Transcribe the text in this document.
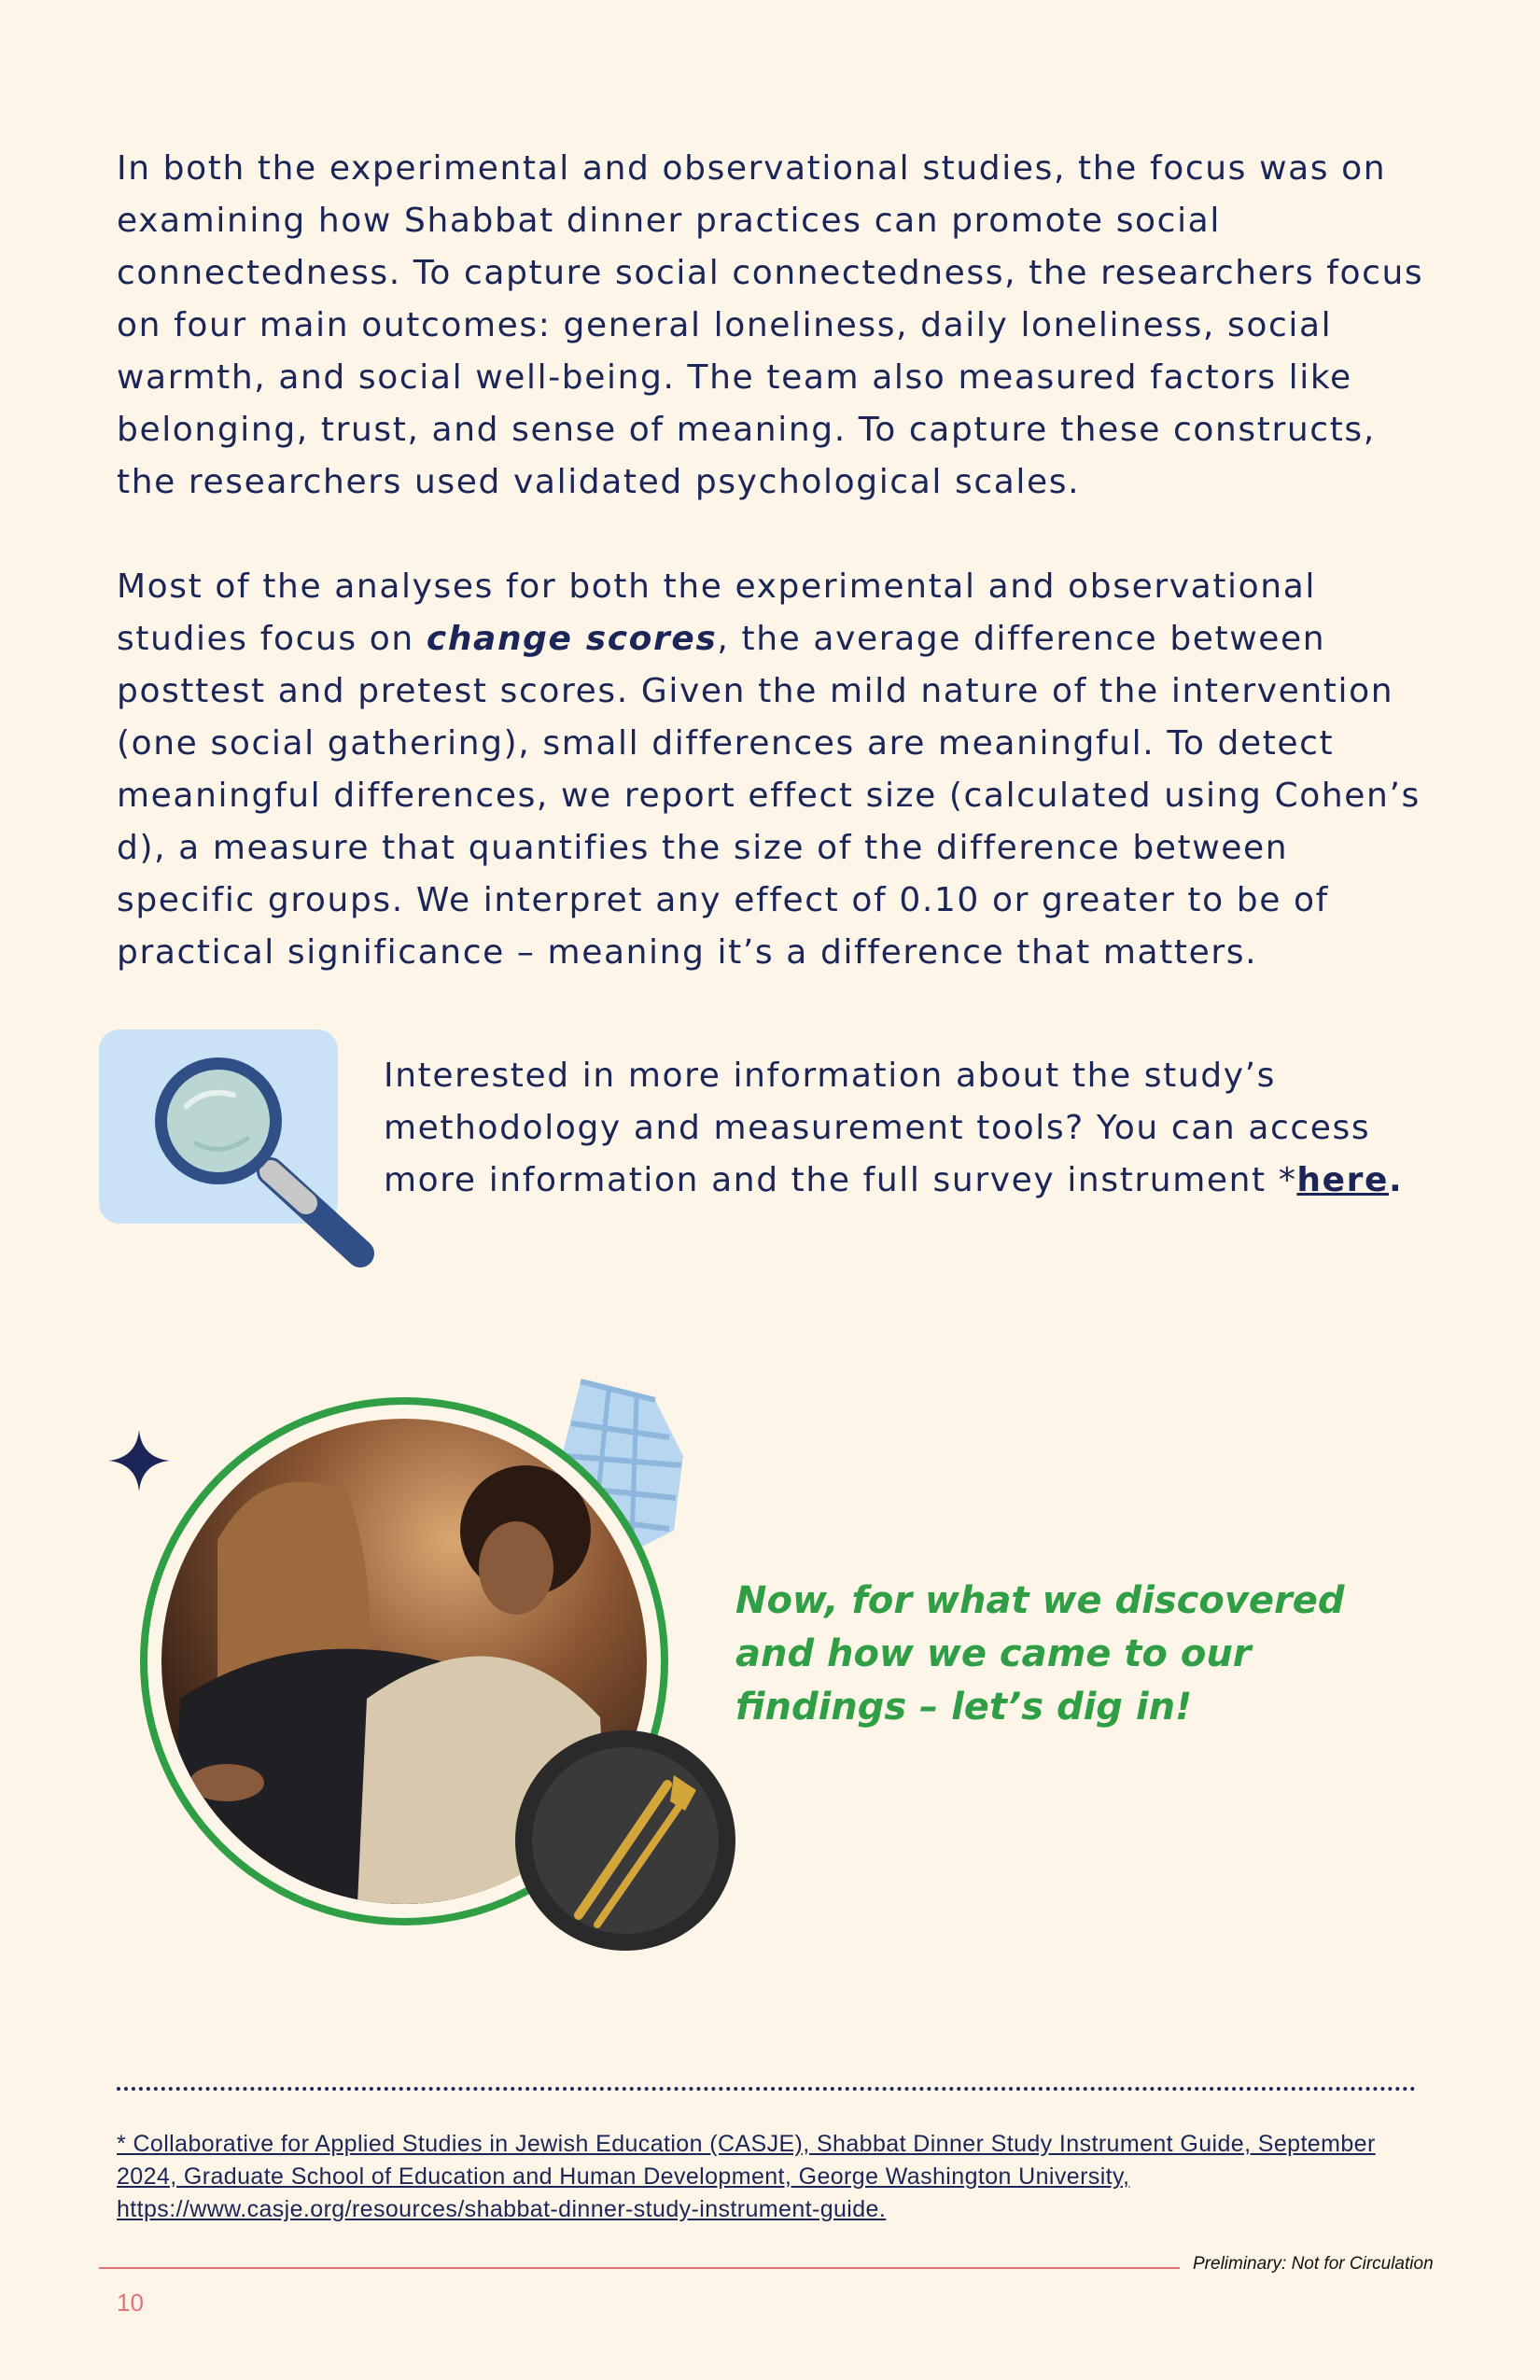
In both the experimental and observational studies, the focus was on examining how Shabbat dinner practices can promote social connectedness. To capture social connectedness, the researchers focus on four main outcomes: general loneliness, daily loneliness, social warmth, and social well-being. The team also measured factors like belonging, trust, and sense of meaning. To capture these constructs, the researchers used validated psychological scales.

Most of the analyses for both the experimental and observational studies focus on change scores, the average difference between posttest and pretest scores. Given the mild nature of the intervention (one social gathering), small differences are meaningful. To detect meaningful differences, we report effect size (calculated using Cohen’s d), a measure that quantifies the size of the difference between specific groups. We interpret any effect of 0.10 or greater to be of practical significance – meaning it’s a difference that matters.

Interested in more information about the study’s methodology and measurement tools? You can access more information and the full survey instrument *here.

Now, for what we discovered and how we came to our findings – let’s dig in!

* Collaborative for Applied Studies in Jewish Education (CASJE), Shabbat Dinner Study Instrument Guide, September 2024, Graduate School of Education and Human Development, George Washington University, https://www.casje.org/resources/shabbat-dinner-study-instrument-guide.

Preliminary: Not for Circulation
10
